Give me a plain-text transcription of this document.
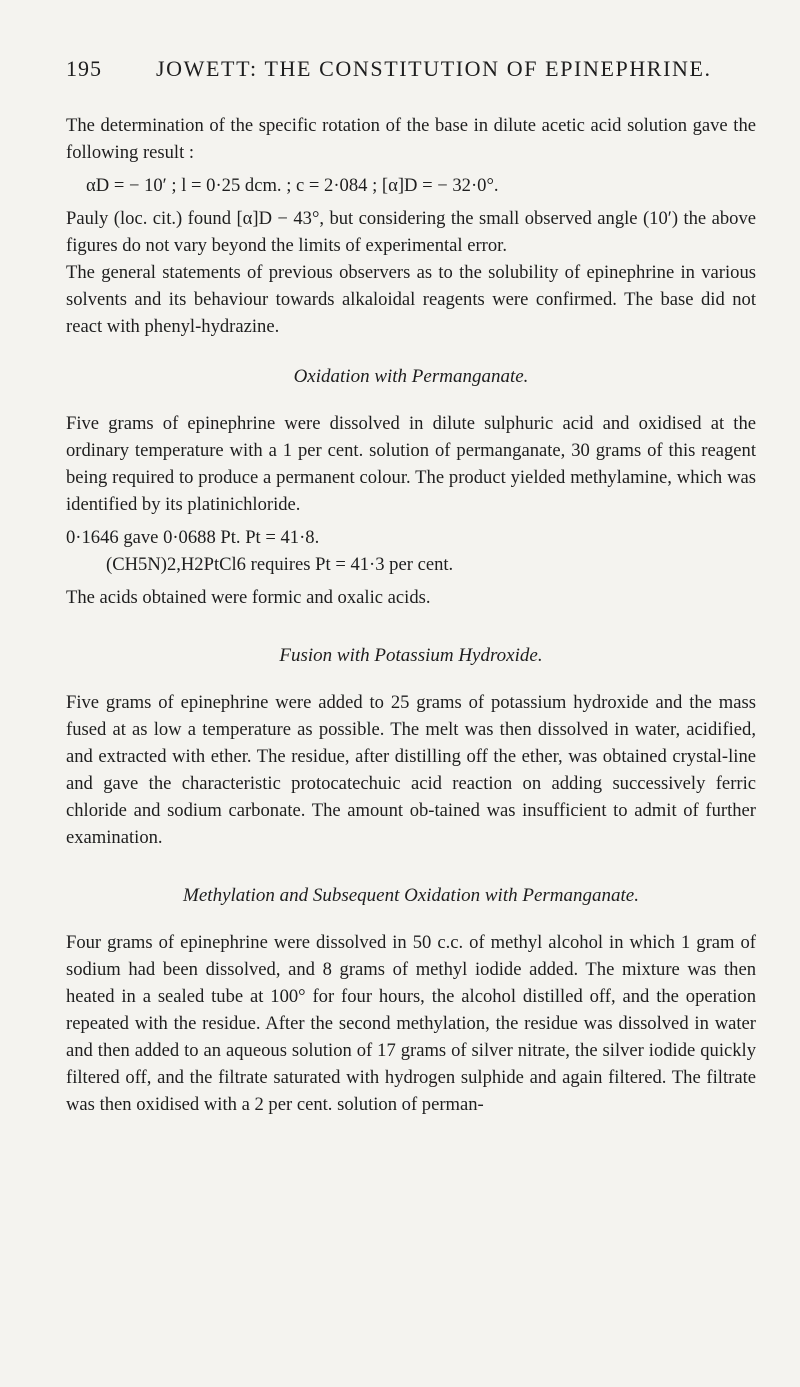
195 JOWETT: THE CONSTITUTION OF EPINEPHRINE.

The determination of the specific rotation of the base in dilute acetic acid solution gave the following result :

αD = − 10′ ; l = 0·25 dcm. ; c = 2·084 ; [α]D = − 32·0°.

Pauly (loc. cit.) found [α]D − 43°, but considering the small observed angle (10′) the above figures do not vary beyond the limits of experimental error.

The general statements of previous observers as to the solubility of epinephrine in various solvents and its behaviour towards alkaloidal reagents were confirmed. The base did not react with phenyl-hydrazine.

Oxidation with Permanganate.

Five grams of epinephrine were dissolved in dilute sulphuric acid and oxidised at the ordinary temperature with a 1 per cent. solution of permanganate, 30 grams of this reagent being required to produce a permanent colour. The product yielded methylamine, which was identified by its platinichloride.

0·1646 gave 0·0688 Pt. Pt = 41·8.
(CH5N)2,H2PtCl6 requires Pt = 41·3 per cent.

The acids obtained were formic and oxalic acids.

Fusion with Potassium Hydroxide.

Five grams of epinephrine were added to 25 grams of potassium hydroxide and the mass fused at as low a temperature as possible. The melt was then dissolved in water, acidified, and extracted with ether. The residue, after distilling off the ether, was obtained crystal-line and gave the characteristic protocatechuic acid reaction on adding successively ferric chloride and sodium carbonate. The amount ob-tained was insufficient to admit of further examination.

Methylation and Subsequent Oxidation with Permanganate.

Four grams of epinephrine were dissolved in 50 c.c. of methyl alcohol in which 1 gram of sodium had been dissolved, and 8 grams of methyl iodide added. The mixture was then heated in a sealed tube at 100° for four hours, the alcohol distilled off, and the operation repeated with the residue. After the second methylation, the residue was dissolved in water and then added to an aqueous solution of 17 grams of silver nitrate, the silver iodide quickly filtered off, and the filtrate saturated with hydrogen sulphide and again filtered. The filtrate was then oxidised with a 2 per cent. solution of perman-
